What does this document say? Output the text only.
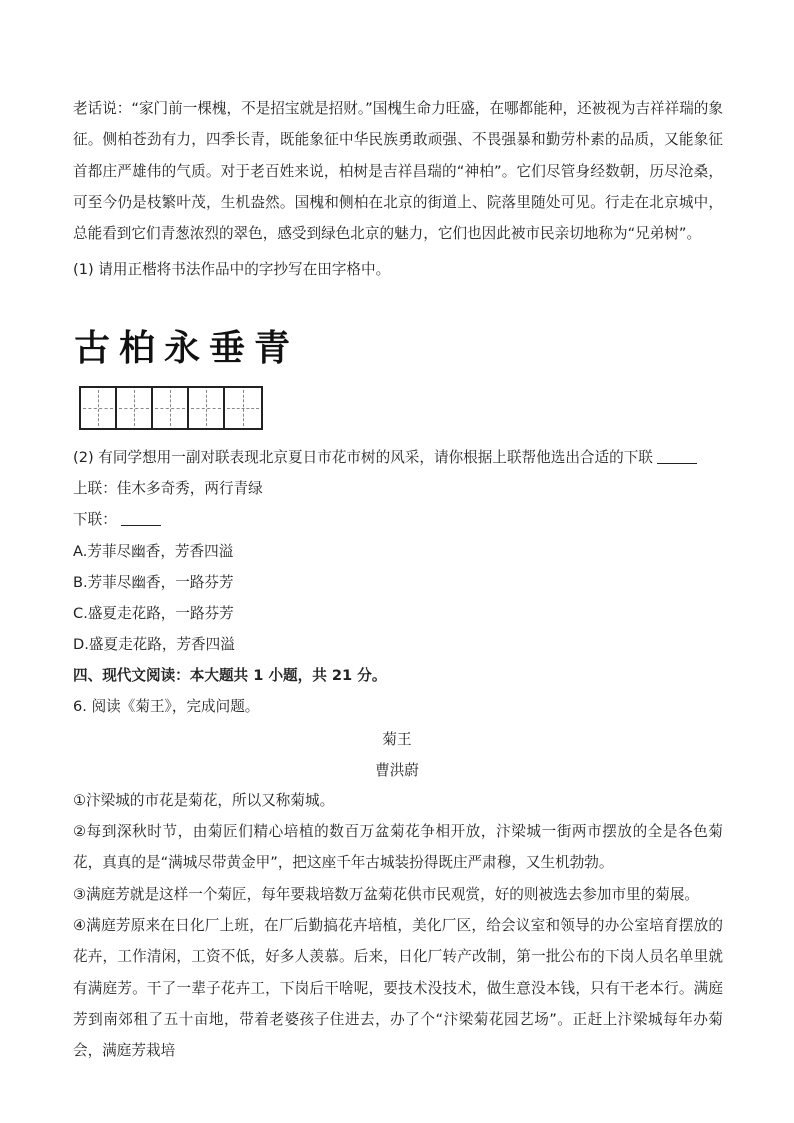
老话说：“家门前一棵槐，不是招宝就是招财。”国槐生命力旺盛，在哪都能种，还被视为吉祥祥瑞的象征。侧柏苍劲有力，四季长青，既能象征中华民族勇敢顽强、不畏强暴和勤劳朴素的品质，又能象征首都庄严雄伟的气质。对于老百姓来说，柏树是吉祥昌瑞的“神柏”。它们尽管身经数朝，历尽沧桑，可至今仍是枝繁叶茂，生机盎然。国槐和侧柏在北京的街道上、院落里随处可见。行走在北京城中，总能看到它们青葱浓烈的翠色，感受到绿色北京的魅力，它们也因此被市民亲切地称为“兄弟树”。

(1) 请用正楷将书法作品中的字抄写在田字格中。
古柏永垂青
(2) 有同学想用一副对联表现北京夏日市花市树的风采，请你根据上联帮他选出合适的下联
上联：佳木多奇秀，两行青绿
下联：
A.芳菲尽幽香，芳香四溢
B.芳菲尽幽香，一路芬芳
C.盛夏走花路，一路芬芳
D.盛夏走花路，芳香四溢
四、现代文阅读：本大题共 1 小题，共 21 分。
6. 阅读《菊王》，完成问题。
菊王
曹洪蔚

①汴梁城的市花是菊花，所以又称菊城。

②每到深秋时节，由菊匠们精心培植的数百万盆菊花争相开放，汴梁城一街两市摆放的全是各色菊花，真真的是“满城尽带黄金甲”，把这座千年古城装扮得既庄严肃穆，又生机勃勃。

③满庭芳就是这样一个菊匠，每年要栽培数万盆菊花供市民观赏，好的则被选去参加市里的菊展。

④满庭芳原来在日化厂上班，在厂后勤搞花卉培植，美化厂区，给会议室和领导的办公室培育摆放的花卉，工作清闲，工资不低，好多人羡慕。后来，日化厂转产改制，第一批公布的下岗人员名单里就有满庭芳。干了一辈子花卉工，下岗后干啥呢，要技术没技术，做生意没本钱，只有干老本行。满庭芳到南郊租了五十亩地，带着老婆孩子住进去，办了个“汴梁菊花园艺场”。正赶上汴梁城每年办菊会，满庭芳栽培
